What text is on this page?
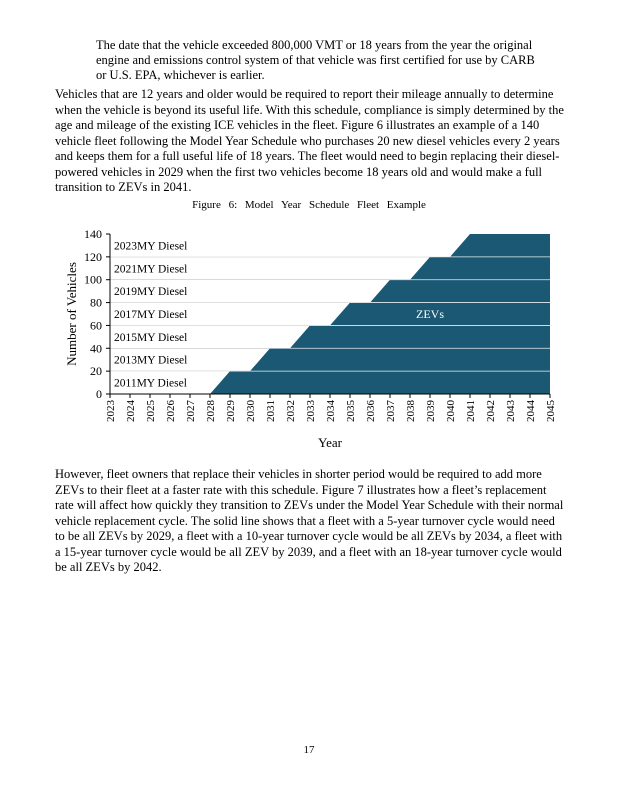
The date that the vehicle exceeded 800,000 VMT or 18 years from the year the original engine and emissions control system of that vehicle was first certified for use by CARB or U.S. EPA, whichever is earlier.
Vehicles that are 12 years and older would be required to report their mileage annually to determine when the vehicle is beyond its useful life. With this schedule, compliance is simply determined by the age and mileage of the existing ICE vehicles in the fleet. Figure 6 illustrates an example of a 140 vehicle fleet following the Model Year Schedule who purchases 20 new diesel vehicles every 2 years and keeps them for a full useful life of 18 years. The fleet would need to begin replacing their diesel-powered vehicles in 2029 when the first two vehicles become 18 years old and would make a full transition to ZEVs in 2041.
Figure 6: Model Year Schedule Fleet Example
0
20
40
60
80
100
120
140
2023 2024 2025 2026 2027 2028 2029 2030 2031 2032 2033 2034 2035 2036 2037 2038 2039 2040 2041 2042 2043 2044 2045
2011MY Diesel
2013MY Diesel
2015MY Diesel
2017MY Diesel
2019MY Diesel
2021MY Diesel
2023MY Diesel
ZEVs
Number of Vehicles
Year
However, fleet owners that replace their vehicles in shorter period would be required to add more ZEVs to their fleet at a faster rate with this schedule. Figure 7 illustrates how a fleet’s replacement rate will affect how quickly they transition to ZEVs under the Model Year Schedule with their normal vehicle replacement cycle. The solid line shows that a fleet with a 5-year turnover cycle would need to be all ZEVs by 2029, a fleet with a 10-year turnover cycle would be all ZEVs by 2034, a fleet with a 15-year turnover cycle would be all ZEV by 2039, and a fleet with an 18-year turnover cycle would be all ZEVs by 2042.
17
